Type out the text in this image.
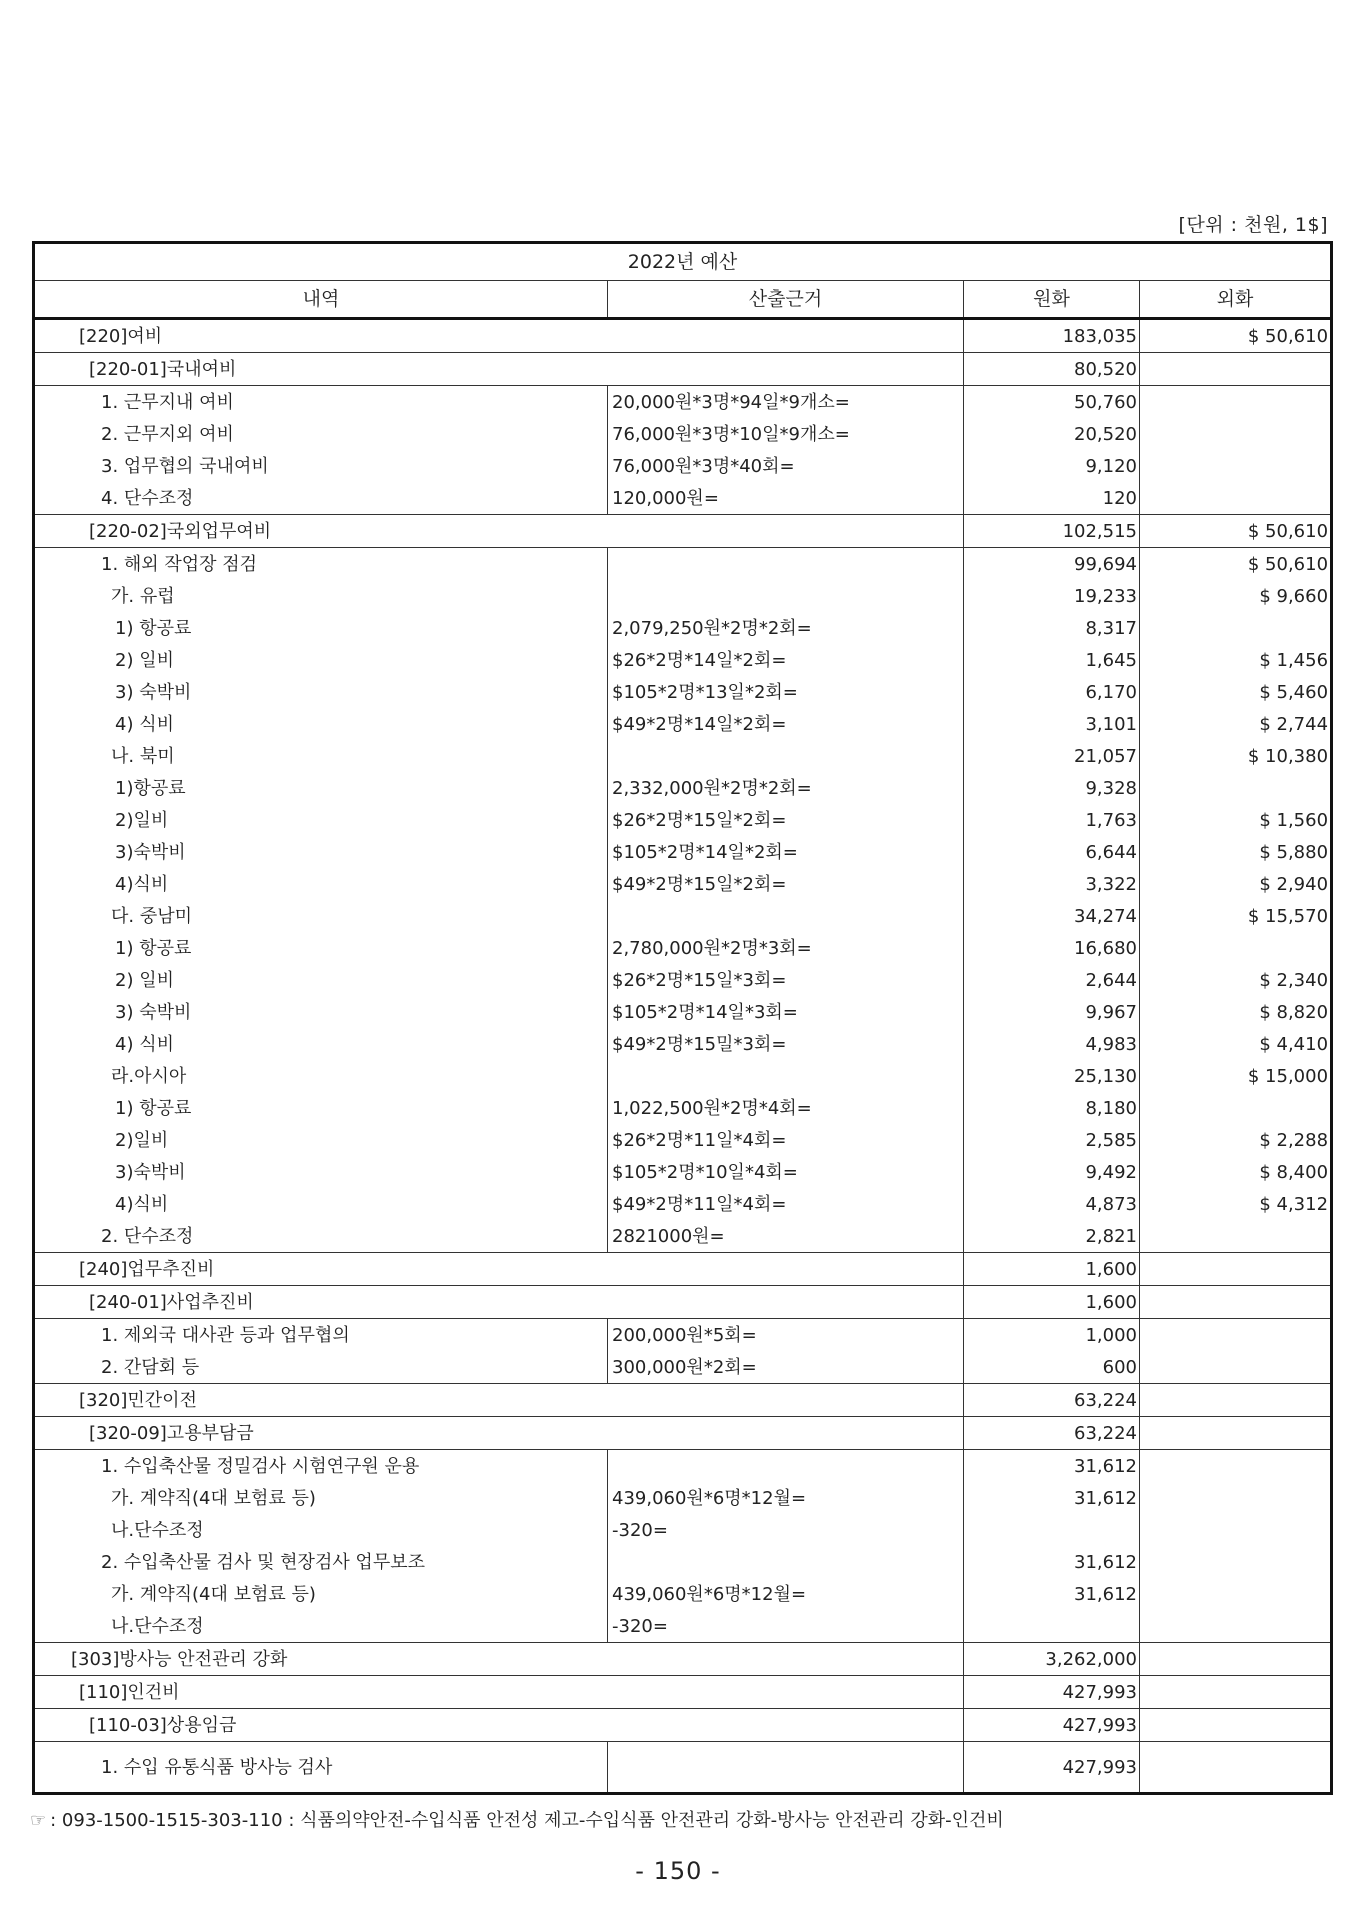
[단위 : 천원, 1$]
2022년 예산			
내역	산출근거	원화	외화
[220]여비		183,035	$ 50,610
[220-01]국내여비		80,520	
1. 근무지내 여비	20,000원*3명*94일*9개소=	50,760	
2. 근무지외 여비	76,000원*3명*10일*9개소=	20,520	
3. 업무협의 국내여비	76,000원*3명*40회=	9,120	
4. 단수조정	120,000원=	120	
[220-02]국외업무여비		102,515	$ 50,610
1. 해외 작업장 점검		99,694	$ 50,610
가. 유럽		19,233	$ 9,660
1) 항공료	2,079,250원*2명*2회=	8,317	
2) 일비	$26*2명*14일*2회=	1,645	$ 1,456
3) 숙박비	$105*2명*13일*2회=	6,170	$ 5,460
4) 식비	$49*2명*14일*2회=	3,101	$ 2,744
나. 북미		21,057	$ 10,380
1)항공료	2,332,000원*2명*2회=	9,328	
2)일비	$26*2명*15일*2회=	1,763	$ 1,560
3)숙박비	$105*2명*14일*2회=	6,644	$ 5,880
4)식비	$49*2명*15일*2회=	3,322	$ 2,940
다. 중남미		34,274	$ 15,570
1) 항공료	2,780,000원*2명*3회=	16,680	
2) 일비	$26*2명*15일*3회=	2,644	$ 2,340
3) 숙박비	$105*2명*14일*3회=	9,967	$ 8,820
4) 식비	$49*2명*15밀*3회=	4,983	$ 4,410
라.아시아		25,130	$ 15,000
1) 항공료	1,022,500원*2명*4회=	8,180	
2)일비	$26*2명*11일*4회=	2,585	$ 2,288
3)숙박비	$105*2명*10일*4회=	9,492	$ 8,400
4)식비	$49*2명*11일*4회=	4,873	$ 4,312
2. 단수조정	2821000원=	2,821	
[240]업무추진비		1,600	
[240-01]사업추진비		1,600	
1. 제외국 대사관 등과 업무협의	200,000원*5회=	1,000	
2. 간담회 등	300,000원*2회=	600	
[320]민간이전		63,224	
[320-09]고용부담금		63,224	
1. 수입축산물 정밀검사 시험연구원 운용		31,612	
가. 계약직(4대 보험료 등)	439,060원*6명*12월=	31,612	
나.단수조정	-320=		
2. 수입축산물 검사 및 현장검사 업무보조		31,612	
가. 계약직(4대 보험료 등)	439,060원*6명*12월=	31,612	
나.단수조정	-320=		
[303]방사능 안전관리 강화		3,262,000	
[110]인건비		427,993	
[110-03]상용임금		427,993	
1. 수입 유통식품 방사능 검사		427,993	
☞ : 093-1500-1515-303-110 : 식품의약안전-수입식품 안전성 제고-수입식품 안전관리 강화-방사능 안전관리 강화-인건비
- 150 -
